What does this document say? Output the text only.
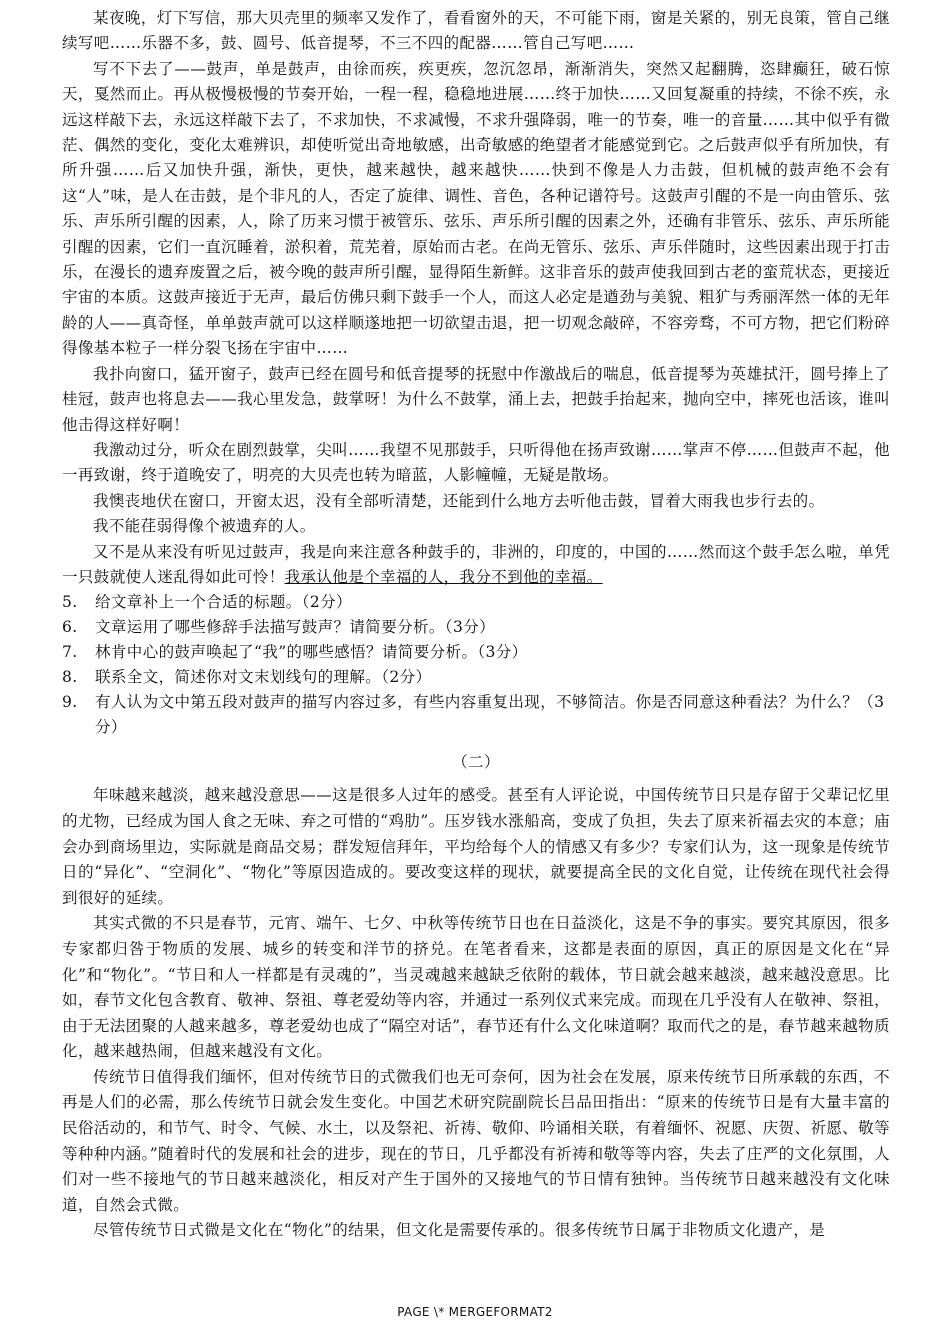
某夜晚，灯下写信，那大贝壳里的频率又发作了，看看窗外的天，不可能下雨，窗是关紧的，别无良策，管自己继续写吧……乐器不多，鼓、圆号、低音提琴，不三不四的配器……管自己写吧……

写不下去了——鼓声，单是鼓声，由徐而疾，疾更疾，忽沉忽昂，渐渐消失，突然又起翻腾，恣肆癫狂，破石惊天，戛然而止。再从极慢极慢的节奏开始，一程一程，稳稳地进展……终于加快……又回复凝重的持续，不徐不疾，永远这样敲下去，永远这样敲下去了，不求加快，不求减慢，不求升强降弱，唯一的节奏，唯一的音量……其中似乎有微茫、偶然的变化，变化太难辨识，却使听觉出奇地敏感，出奇敏感的绝望者才能感觉到它。之后鼓声似乎有所加快，有所升强……后又加快升强，渐快，更快，越来越快，越来越快……快到不像是人力击鼓，但机械的鼓声绝不会有这“人”味，是人在击鼓，是个非凡的人，否定了旋律、调性、音色，各种记谱符号。这鼓声引醒的不是一向由管乐、弦乐、声乐所引醒的因素，人，除了历来习惯于被管乐、弦乐、声乐所引醒的因素之外，还确有非管乐、弦乐、声乐所能引醒的因素，它们一直沉睡着，淤积着，荒芜着，原始而古老。在尚无管乐、弦乐、声乐伴随时，这些因素出现于打击乐，在漫长的遗弃废置之后，被今晚的鼓声所引醒，显得陌生新鲜。这非音乐的鼓声使我回到古老的蛮荒状态，更接近宇宙的本质。这鼓声接近于无声，最后仿佛只剩下鼓手一个人，而这人必定是遒劲与美貌、粗犷与秀丽浑然一体的无年龄的人——真奇怪，单单鼓声就可以这样顺遂地把一切欲望击退，把一切观念敲碎，不容旁骛，不可方物，把它们粉碎得像基本粒子一样分裂飞扬在宇宙中……

我扑向窗口，猛开窗子，鼓声已经在圆号和低音提琴的抚慰中作激战后的喘息，低音提琴为英雄拭汗，圆号捧上了桂冠，鼓声也将息去——我心里发急，鼓掌呀！为什么不鼓掌，涌上去，把鼓手抬起来，抛向空中，摔死也活该，谁叫他击得这样好啊！

我激动过分，听众在剧烈鼓掌，尖叫……我望不见那鼓手，只听得他在扬声致谢……掌声不停……但鼓声不起，他一再致谢，终于道晚安了，明亮的大贝壳也转为暗蓝，人影幢幢，无疑是散场。

我懊丧地伏在窗口，开窗太迟，没有全部听清楚，还能到什么地方去听他击鼓，冒着大雨我也步行去的。

我不能荏弱得像个被遗弃的人。

又不是从来没有听见过鼓声，我是向来注意各种鼓手的，非洲的，印度的，中国的……然而这个鼓手怎么啦，单凭一只鼓就使人迷乱得如此可怜！我承认他是个幸福的人，我分不到他的幸福。

5.	给文章补上一个合适的标题。（2分）
6.	文章运用了哪些修辞手法描写鼓声？请简要分析。（3分）
7.	林肯中心的鼓声唤起了“我”的哪些感悟？请简要分析。（3分）
8.	联系全文，简述你对文末划线句的理解。（2分）
9.	有人认为文中第五段对鼓声的描写内容过多，有些内容重复出现，不够简洁。你是否同意这种看法？为什么？（3分）
（二）

年味越来越淡，越来越没意思——这是很多人过年的感受。甚至有人评论说，中国传统节日只是存留于父辈记忆里的尤物，已经成为国人食之无味、弃之可惜的“鸡肋”。压岁钱水涨船高，变成了负担，失去了原来祈福去灾的本意；庙会办到商场里边，实际就是商品交易；群发短信拜年，平均给每个人的情感又有多少？专家们认为，这一现象是传统节日的“异化”、“空洞化”、“物化”等原因造成的。要改变这样的现状，就要提高全民的文化自觉，让传统在现代社会得到很好的延续。

其实式微的不只是春节，元宵、端午、七夕、中秋等传统节日也在日益淡化，这是不争的事实。要究其原因，很多专家都归咎于物质的发展、城乡的转变和洋节的挤兑。在笔者看来，这都是表面的原因，真正的原因是文化在“异化”和“物化”。“节日和人一样都是有灵魂的”，当灵魂越来越缺乏依附的载体，节日就会越来越淡，越来越没意思。比如，春节文化包含教育、敬神、祭祖、尊老爱幼等内容，并通过一系列仪式来完成。而现在几乎没有人在敬神、祭祖，由于无法团聚的人越来越多，尊老爱幼也成了“隔空对话”，春节还有什么文化味道啊？取而代之的是，春节越来越物质化，越来越热闹，但越来越没有文化。

传统节日值得我们缅怀，但对传统节日的式微我们也无可奈何，因为社会在发展，原来传统节日所承载的东西，不再是人们的必需，那么传统节日就会发生变化。中国艺术研究院副院长吕品田指出：“原来的传统节日是有大量丰富的民俗活动的，和节气、时令、气候、水土，以及祭祀、祈祷、敬仰、吟诵相关联，有着缅怀、祝愿、庆贺、祈愿、敬等等种种内涵。”随着时代的发展和社会的进步，现在的节日，几乎都没有祈祷和敬等等内容，失去了庄严的文化氛围，人们对一些不接地气的节日越来越淡化，相反对产生于国外的又接地气的节日情有独钟。当传统节日越来越没有文化味道，自然会式微。

尽管传统节日式微是文化在“物化”的结果，但文化是需要传承的。很多传统节日属于非物质文化遗产，是

PAGE \* MERGEFORMAT2
